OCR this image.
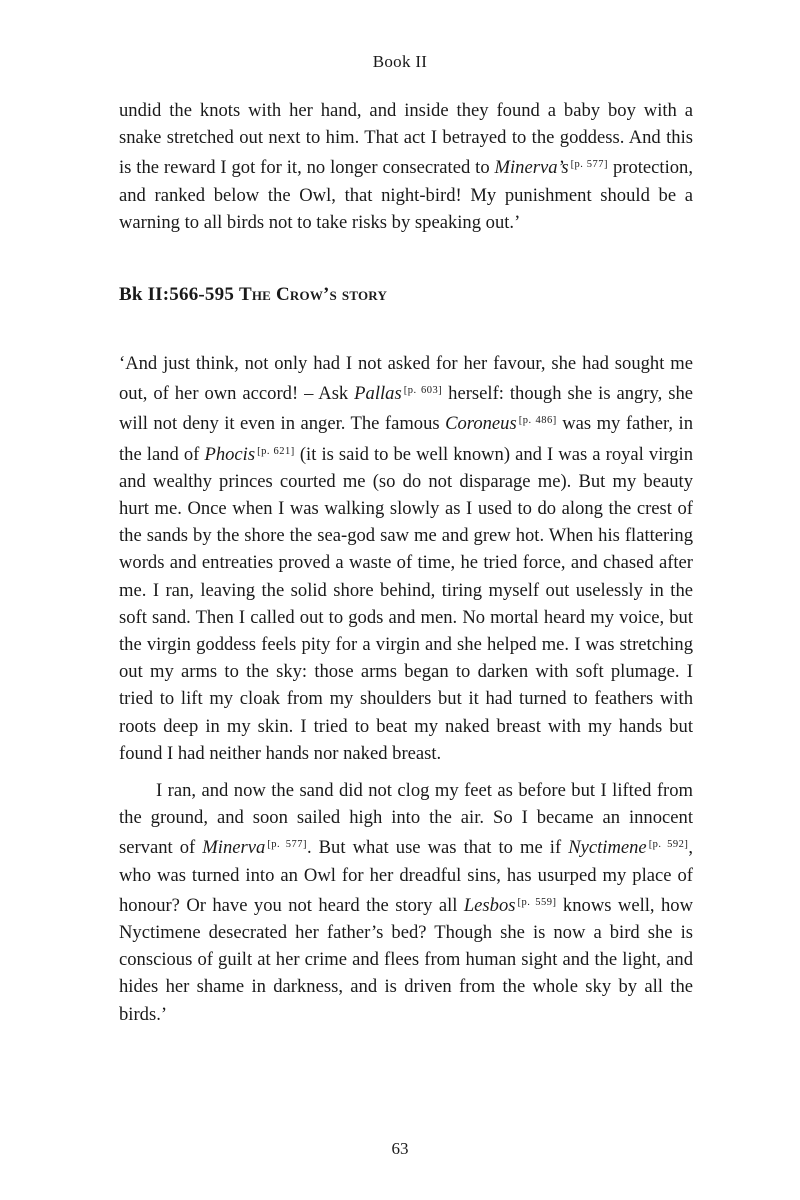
Book II

undid the knots with her hand, and inside they found a baby boy with a snake stretched out next to him. That act I betrayed to the goddess. And this is the reward I got for it, no longer consecrated to Minerva’s [p. 577] protection, and ranked below the Owl, that night-bird! My punishment should be a warning to all birds not to take risks by speaking out.’

Bk II:566-595 The Crow’s story

‘And just think, not only had I not asked for her favour, she had sought me out, of her own accord! – Ask Pallas [p. 603] herself: though she is angry, she will not deny it even in anger. The famous Coroneus [p. 486] was my father, in the land of Phocis [p. 621] (it is said to be well known) and I was a royal virgin and wealthy princes courted me (so do not disparage me). But my beauty hurt me. Once when I was walking slowly as I used to do along the crest of the sands by the shore the sea-god saw me and grew hot. When his flattering words and entreaties proved a waste of time, he tried force, and chased after me. I ran, leaving the solid shore behind, tiring myself out uselessly in the soft sand. Then I called out to gods and men. No mortal heard my voice, but the virgin goddess feels pity for a virgin and she helped me. I was stretching out my arms to the sky: those arms began to darken with soft plumage. I tried to lift my cloak from my shoulders but it had turned to feathers with roots deep in my skin. I tried to beat my naked breast with my hands but found I had neither hands nor naked breast.

I ran, and now the sand did not clog my feet as before but I lifted from the ground, and soon sailed high into the air. So I became an innocent servant of Minerva [p. 577]. But what use was that to me if Nyctimene [p. 592], who was turned into an Owl for her dreadful sins, has usurped my place of honour? Or have you not heard the story all Lesbos [p. 559] knows well, how Nyctimene desecrated her father’s bed? Though she is now a bird she is conscious of guilt at her crime and flees from human sight and the light, and hides her shame in darkness, and is driven from the whole sky by all the birds.’

63
